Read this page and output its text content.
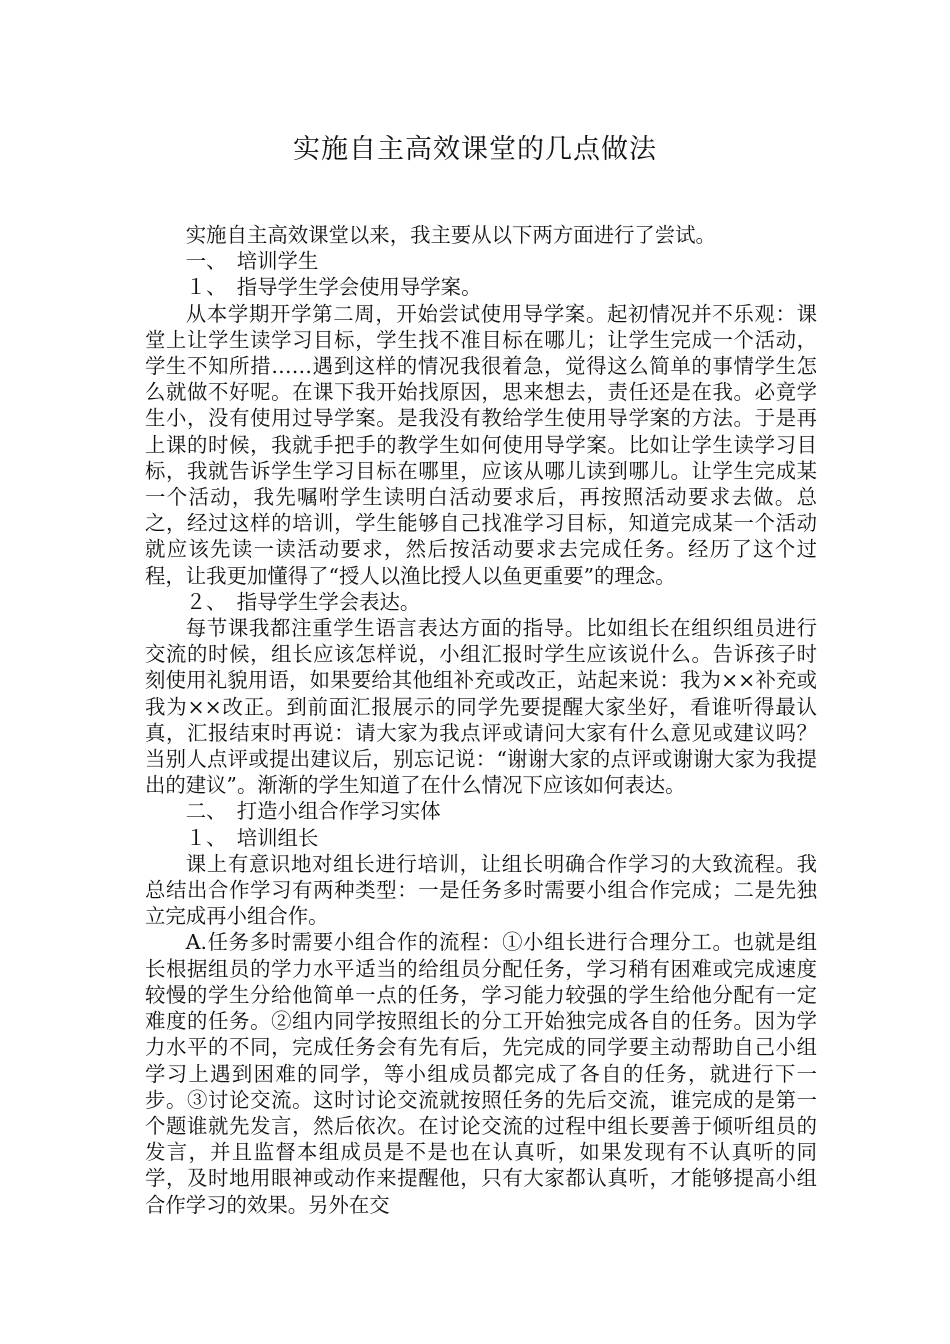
实施自主高效课堂的几点做法

实施自主高效课堂以来，我主要从以下两方面进行了尝试。

一、　培训学生

１、　指导学生学会使用导学案。

从本学期开学第二周，开始尝试使用导学案。起初情况并不乐观：课堂上让学生读学习目标，学生找不准目标在哪儿；让学生完成一个活动，学生不知所措……遇到这样的情况我很着急，觉得这么简单的事情学生怎么就做不好呢。在课下我开始找原因，思来想去，责任还是在我。必竟学生小，没有使用过导学案。是我没有教给学生使用导学案的方法。于是再上课的时候，我就手把手的教学生如何使用导学案。比如让学生读学习目标，我就告诉学生学习目标在哪里，应该从哪儿读到哪儿。让学生完成某一个活动，我先嘱咐学生读明白活动要求后，再按照活动要求去做。总之，经过这样的培训，学生能够自己找准学习目标，知道完成某一个活动就应该先读一读活动要求，然后按活动要求去完成任务。经历了这个过程，让我更加懂得了“授人以渔比授人以鱼更重要”的理念。

２、　指导学生学会表达。

每节课我都注重学生语言表达方面的指导。比如组长在组织组员进行交流的时候，组长应该怎样说，小组汇报时学生应该说什么。告诉孩子时刻使用礼貌用语，如果要给其他组补充或改正，站起来说：我为××补充或我为××改正。到前面汇报展示的同学先要提醒大家坐好，看谁听得最认真，汇报结束时再说：请大家为我点评或请问大家有什么意见或建议吗？当别人点评或提出建议后，别忘记说：“谢谢大家的点评或谢谢大家为我提出的建议”。渐渐的学生知道了在什么情况下应该如何表达。

二、　打造小组合作学习实体

１、　培训组长

课上有意识地对组长进行培训，让组长明确合作学习的大致流程。我总结出合作学习有两种类型：一是任务多时需要小组合作完成；二是先独立完成再小组合作。

A.任务多时需要小组合作的流程：①小组长进行合理分工。也就是组长根据组员的学力水平适当的给组员分配任务，学习稍有困难或完成速度较慢的学生分给他简单一点的任务，学习能力较强的学生给他分配有一定难度的任务。②组内同学按照组长的分工开始独完成各自的任务。因为学力水平的不同，完成任务会有先有后，先完成的同学要主动帮助自己小组学习上遇到困难的同学，等小组成员都完成了各自的任务，就进行下一步。③讨论交流。这时讨论交流就按照任务的先后交流，谁完成的是第一个题谁就先发言，然后依次。在讨论交流的过程中组长要善于倾听组员的发言，并且监督本组成员是不是也在认真听，如果发现有不认真听的同学，及时地用眼神或动作来提醒他，只有大家都认真听，才能够提高小组合作学习的效果。另外在交
